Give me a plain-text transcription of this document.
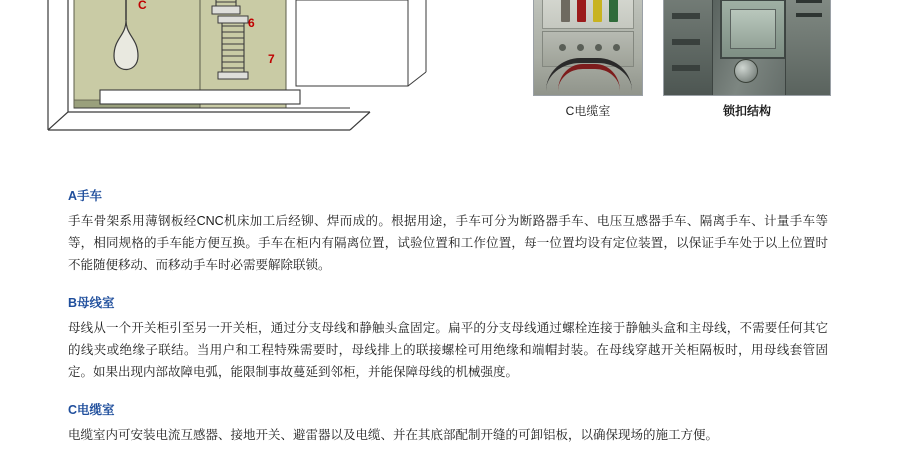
C
6
7
C电缆室	锁扣结构
A手车
手车骨架系用薄钢板经CNC机床加工后经铆、焊而成的。根据用途，手车可分为断路器手车、电压互感器手车、隔离手车、计量手车等等，相同规格的手车能方便互换。手车在柜内有隔离位置，试验位置和工作位置，每一位置均设有定位装置，以保证手车处于以上位置时不能随便移动、而移动手车时必需要解除联锁。
B母线室
母线从一个开关柜引至另一开关柜，通过分支母线和静触头盒固定。扁平的分支母线通过螺栓连接于静触头盒和主母线，不需要任何其它的线夹或绝缘子联结。当用户和工程特殊需要时，母线排上的联接螺栓可用绝缘和端帽封装。在母线穿越开关柜隔板时，用母线套管固定。如果出现内部故障电弧，能限制事故蔓延到邻柜，并能保障母线的机械强度。
C电缆室
电缆室内可安装电流互感器、接地开关、避雷器以及电缆、并在其底部配制开缝的可卸铝板，以确保现场的施工方便。
